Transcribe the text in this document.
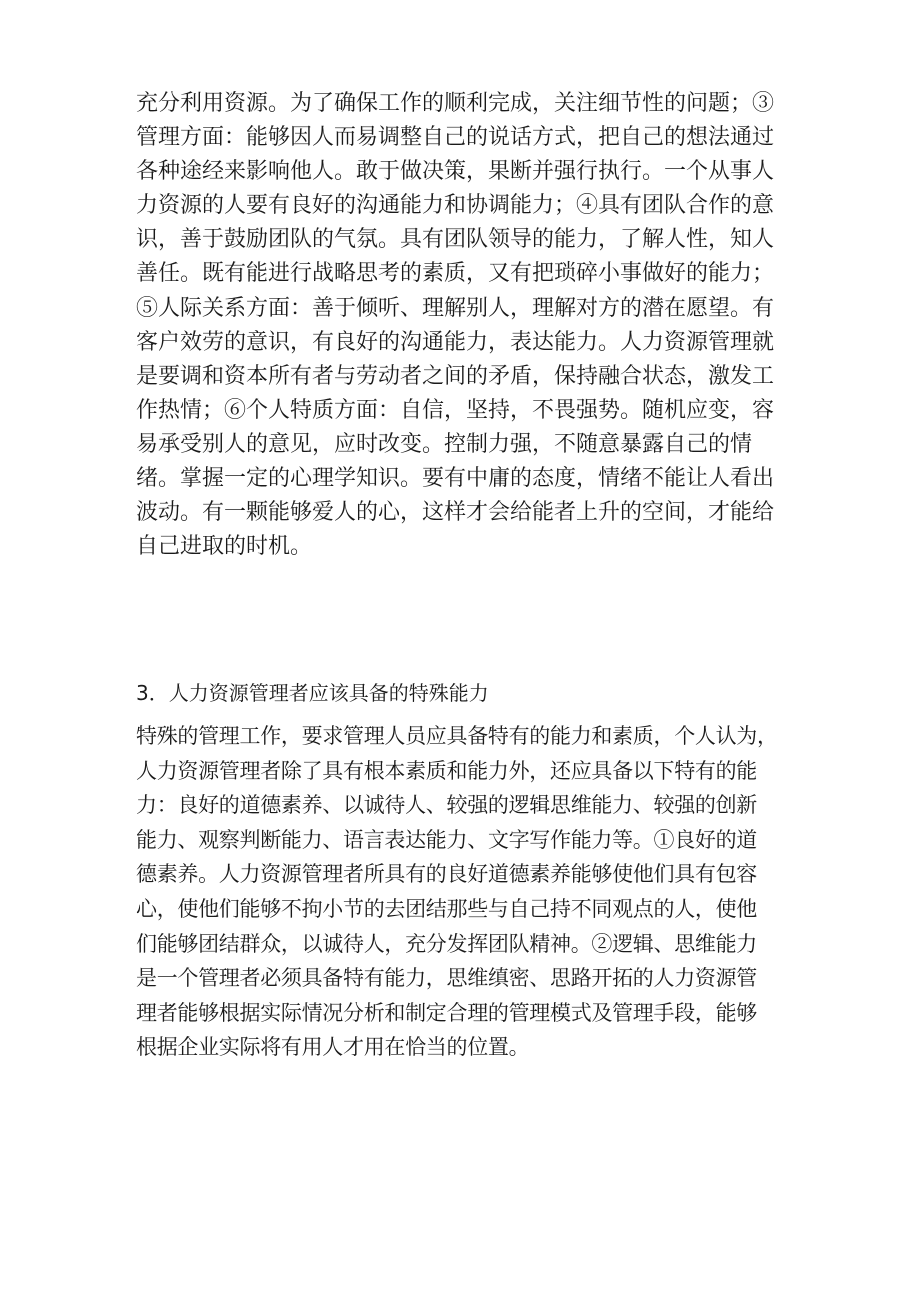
充分利用资源。为了确保工作的顺利完成，关注细节性的问题；③
管理方面：能够因人而易调整自己的说话方式，把自己的想法通过
各种途经来影响他人。敢于做决策，果断并强行执行。一个从事人
力资源的人要有良好的沟通能力和协调能力；④具有团队合作的意
识，善于鼓励团队的气氛。具有团队领导的能力，了解人性，知人
善任。既有能进行战略思考的素质，又有把琐碎小事做好的能力；
⑤人际关系方面：善于倾听、理解别人，理解对方的潜在愿望。有
客户效劳的意识，有良好的沟通能力，表达能力。人力资源管理就
是要调和资本所有者与劳动者之间的矛盾，保持融合状态，激发工
作热情；⑥个人特质方面：自信，坚持，不畏强势。随机应变，容
易承受别人的意见，应时改变。控制力强，不随意暴露自己的情
绪。掌握一定的心理学知识。要有中庸的态度，情绪不能让人看出
波动。有一颗能够爱人的心，这样才会给能者上升的空间，才能给
自己进取的时机。
3．人力资源管理者应该具备的特殊能力
特殊的管理工作，要求管理人员应具备特有的能力和素质，个人认为，
人力资源管理者除了具有根本素质和能力外，还应具备以下特有的能
力：良好的道德素养、以诚待人、较强的逻辑思维能力、较强的创新
能力、观察判断能力、语言表达能力、文字写作能力等。①良好的道
德素养。人力资源管理者所具有的良好道德素养能够使他们具有包容
心，使他们能够不拘小节的去团结那些与自己持不同观点的人，使他
们能够团结群众，以诚待人，充分发挥团队精神。②逻辑、思维能力
是一个管理者必须具备特有能力，思维缜密、思路开拓的人力资源管
理者能够根据实际情况分析和制定合理的管理模式及管理手段，能够
根据企业实际将有用人才用在恰当的位置。
